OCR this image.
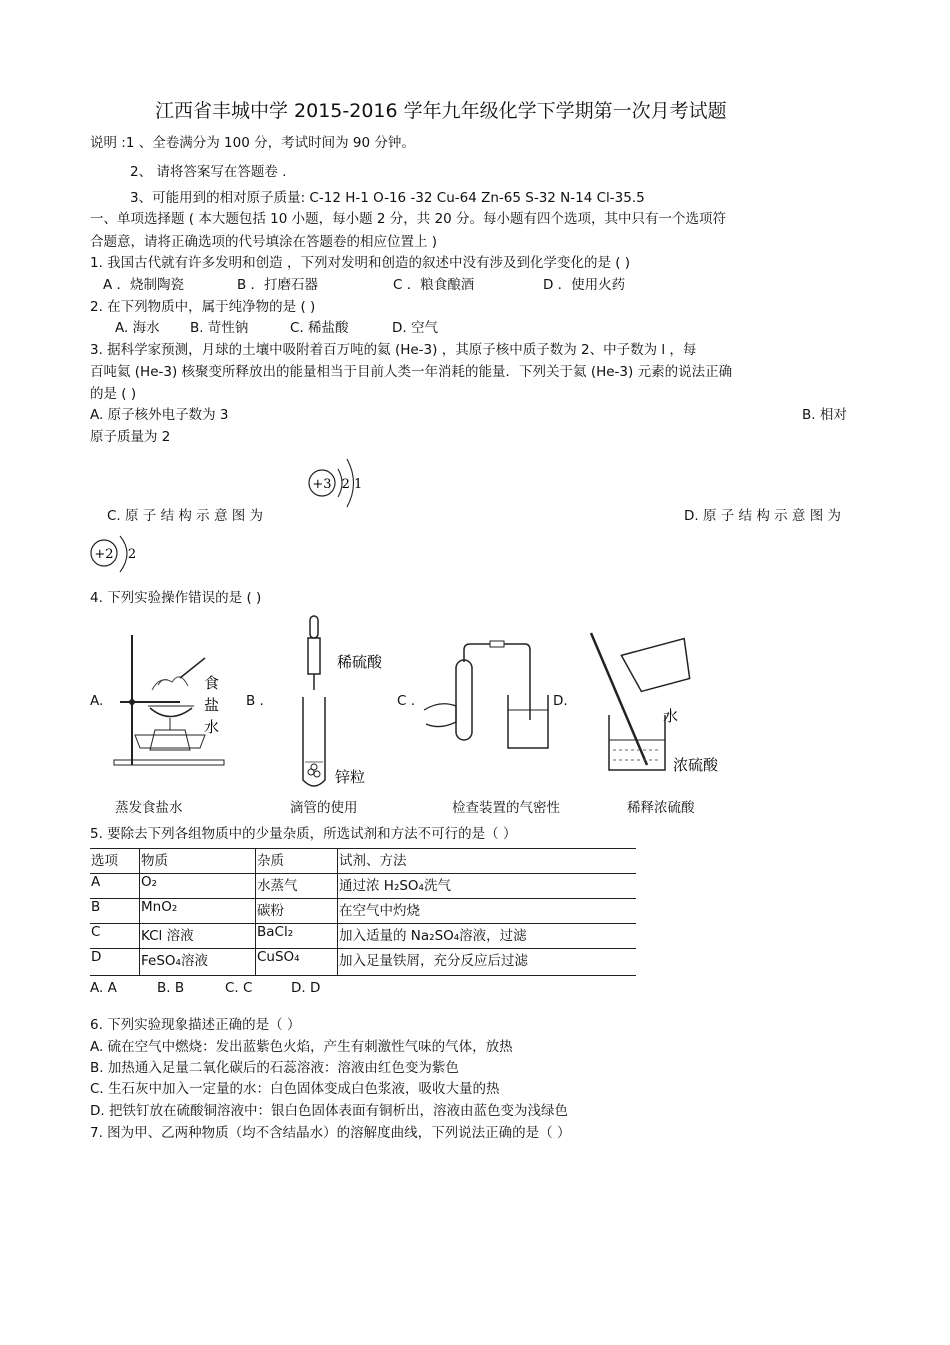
江西省丰城中学 2015-2016 学年九年级化学下学期第一次月考试题
说明 :1 、全卷满分为 100 分，考试时间为 90 分钟。
2、 请将答案写在答题卷 .
3、可能用到的相对原子质量: C-12 H-1 O-16 -32 Cu-64 Zn-65 S-32 N-14 Cl-35.5
一、单项选择题 ( 本大题包括 10 小题，每小题 2 分，共 20 分。每小题有四个选项，其中只有一个选项符
合题意，请将正确选项的代号填涂在答题卷的相应位置上 )
1. 我国古代就有许多发明和创造 ，下列对发明和创造的叙述中没有涉及到化学变化的是 ( )
A ．烧制陶瓷	B ．打磨石器	C ．粮食酿酒	D ．使用火药
2. 在下列物质中，属于纯净物的是 ( )
A. 海水 B. 苛性钠	C. 稀盐酸	D. 空气
3. 据科学家预测，月球的土壤中吸附着百万吨的氦 (He-3) ，其原子核中质子数为 2、中子数为 l ，每
百吨氦 (He-3) 核聚变所释放出的能量相当于目前人类一年消耗的能量．下列关于氦 (He-3) 元素的说法正确
的是 ( )
A. 原子核外电子数为 3	B. 相对
原子质量为 2
+3 2 1
C. 原 子 结 构 示 意 图 为	D. 原 子 结 构 示 意 图 为
+2 2
4. 下列实验操作错误的是 ( )
食
盐
水
稀硫酸
锌粒
水
浓硫酸
A.	B .	C .	D.
蒸发食盐水	滴管的使用	检查装置的气密性	稀释浓硫酸
5. 要除去下列各组物质中的少量杂质，所选试剂和方法不可行的是（ ）
选项	物质	杂质	试剂、方法
A	O₂	水蒸气	通过浓 H₂SO₄洗气
B	MnO₂	碳粉	在空气中灼烧
C	KCl 溶液	BaCl₂	加入适量的 Na₂SO₄溶液，过滤
D	FeSO₄溶液	CuSO₄	加入足量铁屑，充分反应后过滤
A. A	B. B	C. C	D. D
6. 下列实验现象描述正确的是（ ）
A. 硫在空气中燃烧：发出蓝紫色火焰，产生有刺激性气味的气体，放热
B. 加热通入足量二氧化碳后的石蕊溶液：溶液由红色变为紫色
C. 生石灰中加入一定量的水：白色固体变成白色浆液，吸收大量的热
D. 把铁钉放在硫酸铜溶液中：银白色固体表面有铜析出，溶液由蓝色变为浅绿色
7. 图为甲、乙两种物质（均不含结晶水）的溶解度曲线，下列说法正确的是（ ）
